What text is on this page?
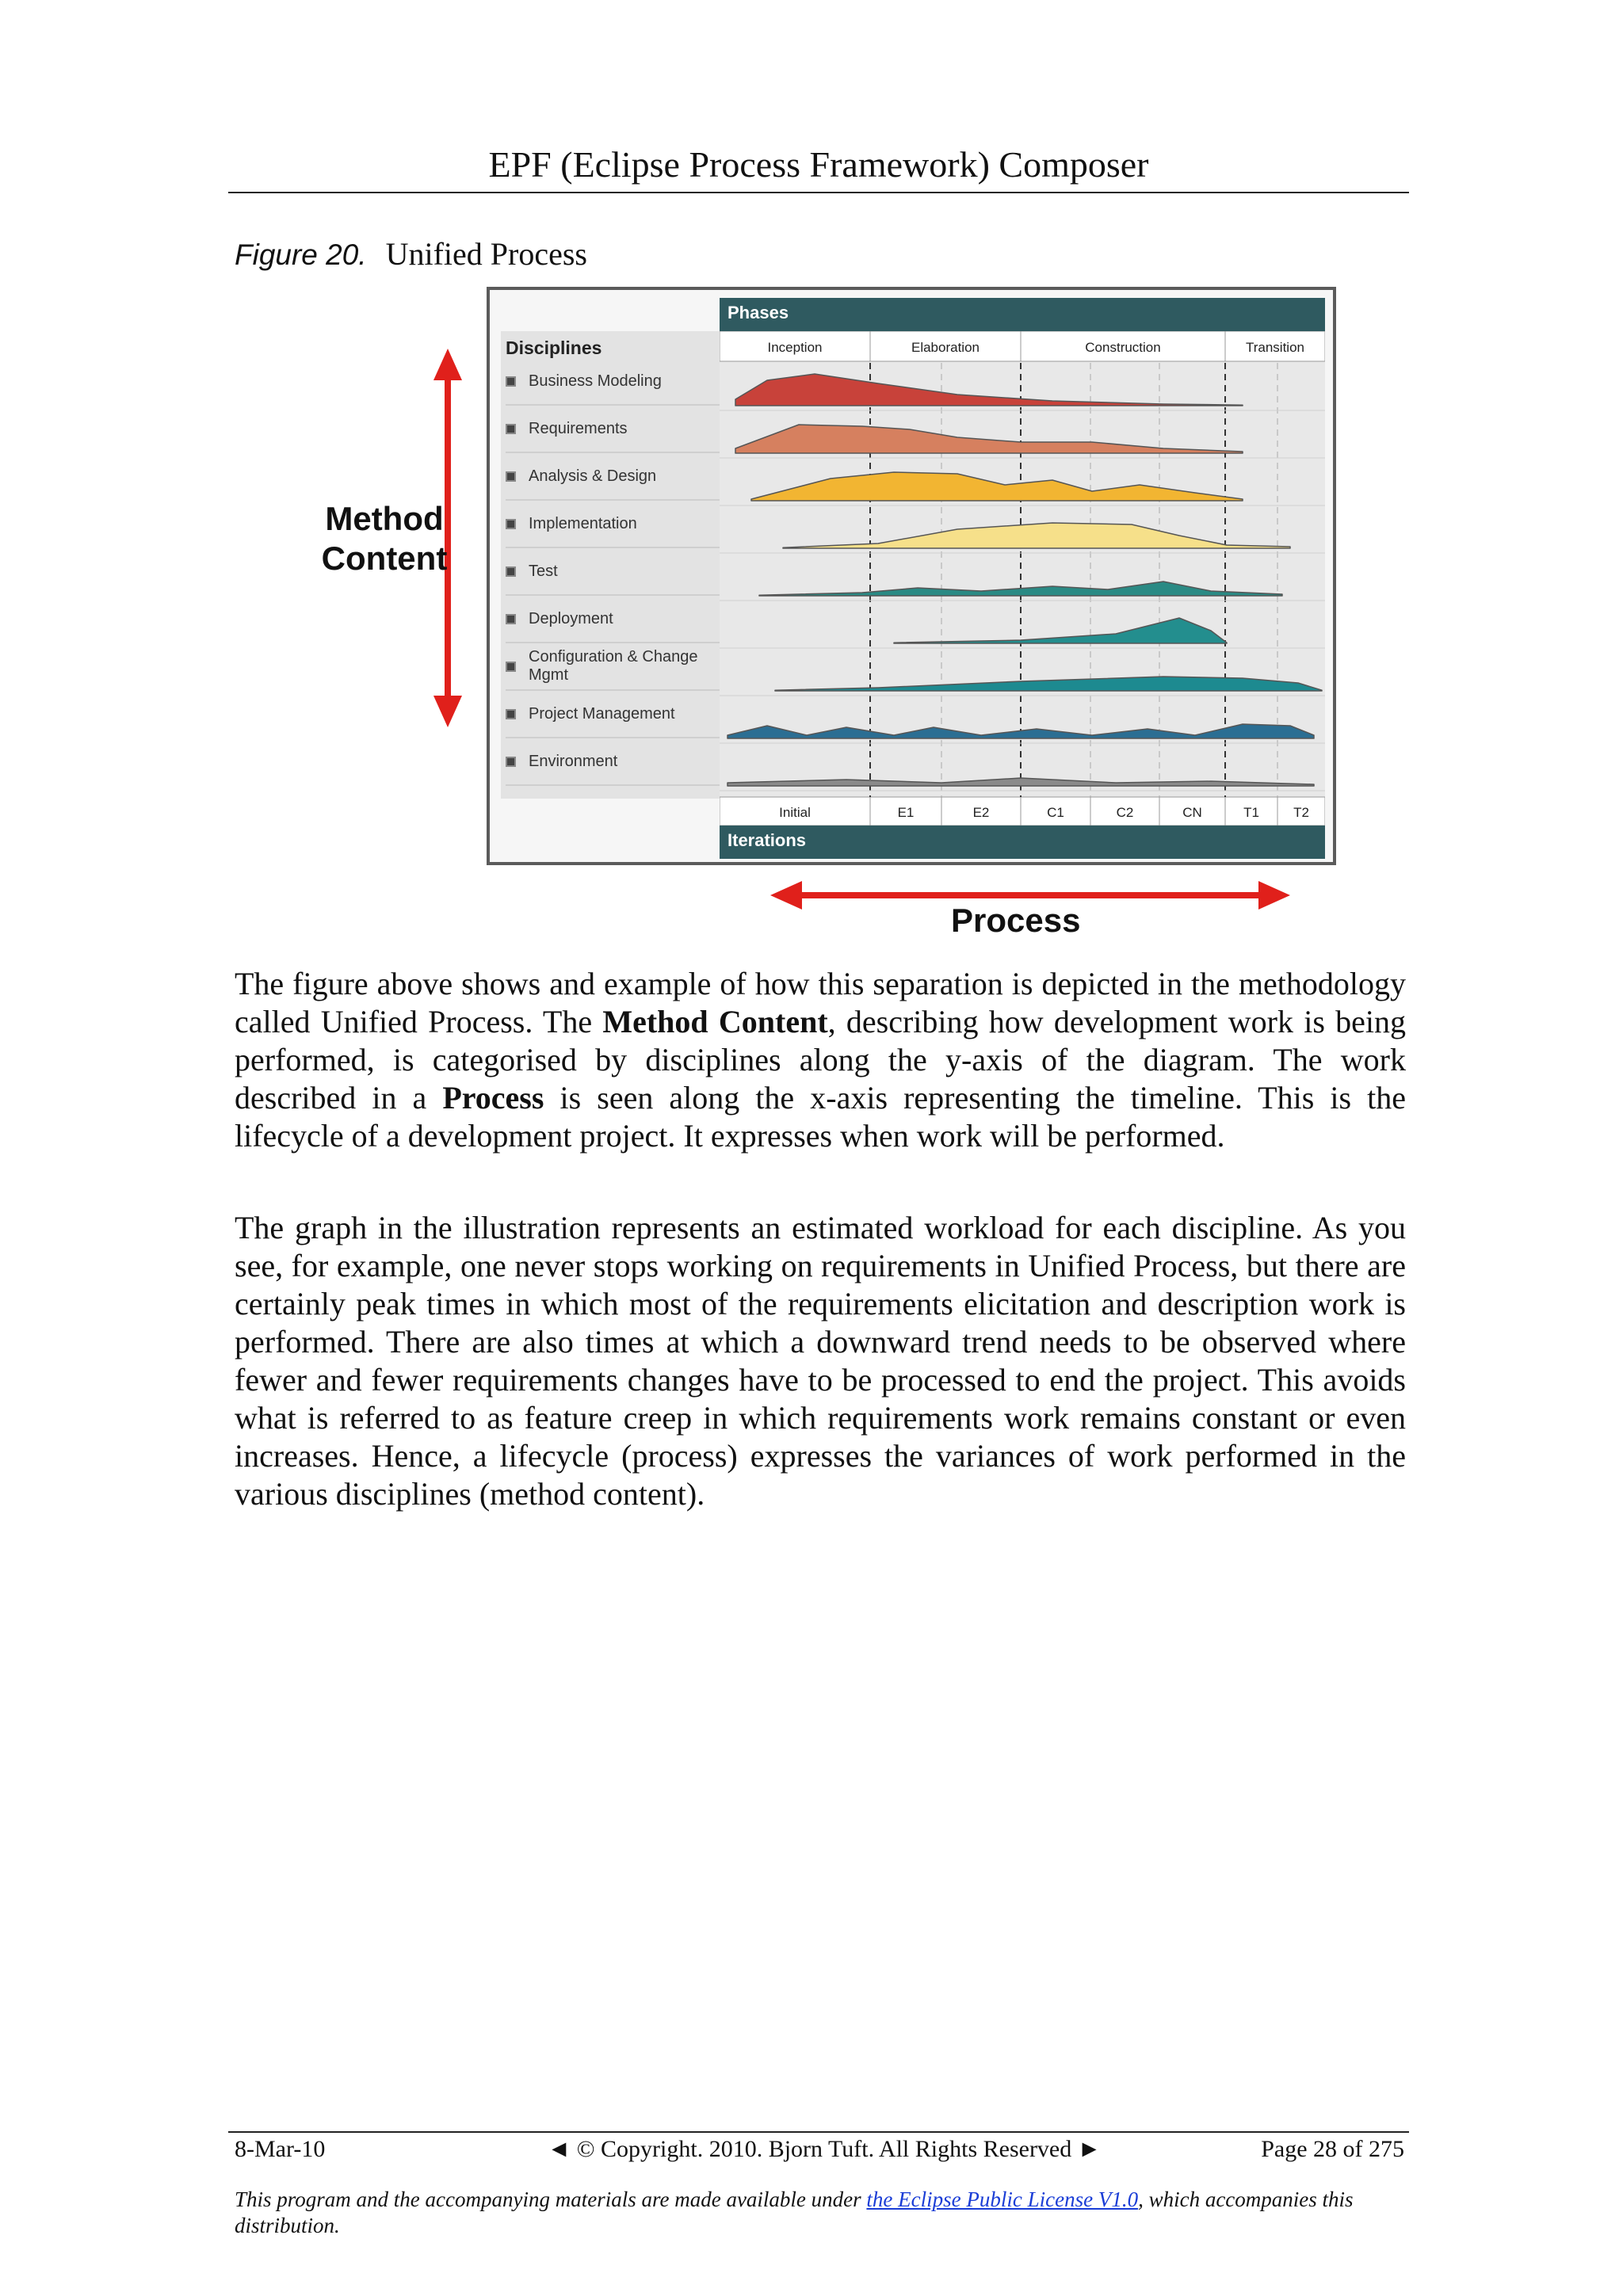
EPF (Eclipse Process Framework) Composer
Figure 20. Unified Process
Method Content
Process
Phases
Disciplines
Business Modeling
Requirements
Analysis & Design
Implementation
Test
Deployment
Configuration & Change Mgmt
Project Management
Environment
Inception	Elaboration	Construction	Transition
Initial	E1	E2	C1	C2	CN	T1	T2
Iterations

The figure above shows and example of how this separation is depicted in the methodology called Unified Process. The Method Content, describing how development work is being performed, is categorised by disciplines along the y-axis of the diagram. The work described in a Process is seen along the x-axis representing the timeline. This is the lifecycle of a development project. It expresses when work will be performed.

The graph in the illustration represents an estimated workload for each discipline. As you see, for example, one never stops working on requirements in Unified Process, but there are certainly peak times in which most of the requirements elicitation and description work is performed. There are also times at which a downward trend needs to be observed where fewer and fewer requirements changes have to be processed to end the project. This avoids what is referred to as feature creep in which requirements work remains constant or even increases. Hence, a lifecycle (process) expresses the variances of work performed in the various disciplines (method content).

8-Mar-10	◄ © Copyright. 2010. Bjorn Tuft. All Rights Reserved ►	Page 28 of 275
This program and the accompanying materials are made available under the Eclipse Public License V1.0, which accompanies this distribution.
